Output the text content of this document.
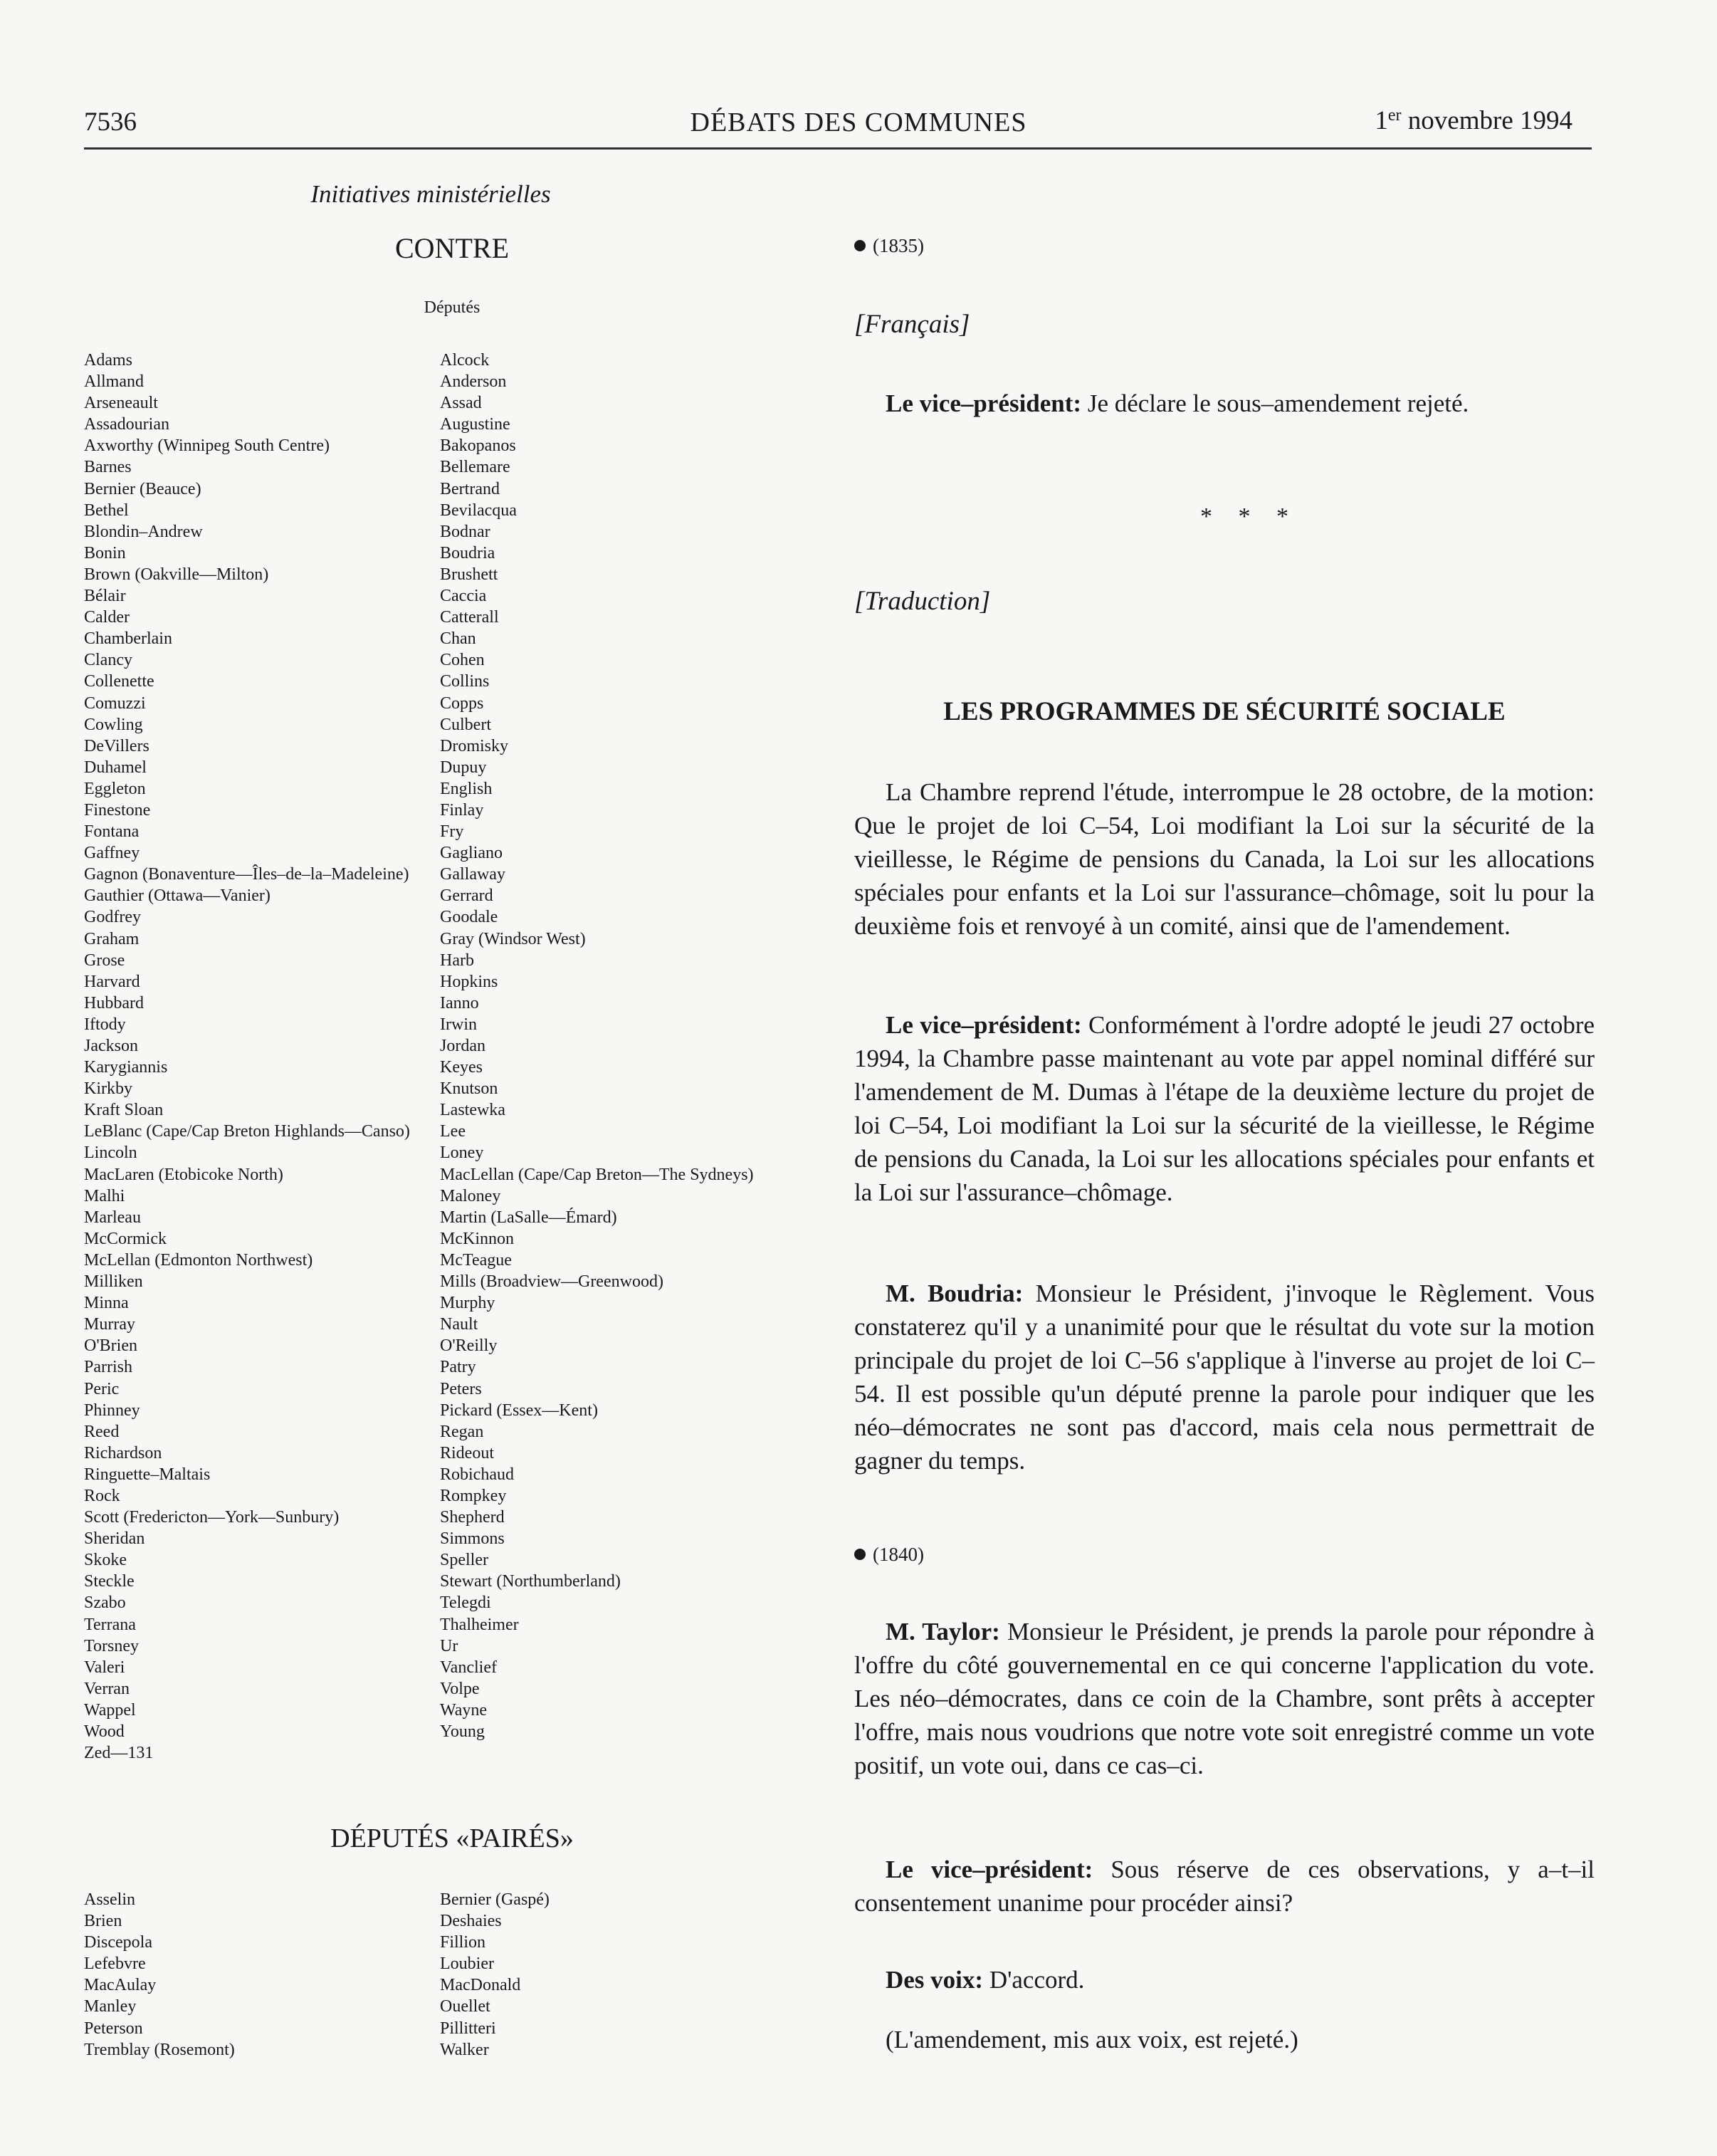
7536	DÉBATS DES COMMUNES	1er novembre 1994
Initiatives ministérielles
CONTRE
Députés
Adams
Allmand
Arseneault
Assadourian
Axworthy (Winnipeg South Centre)
Barnes
Bernier (Beauce)
Bethel
Blondin–Andrew
Bonin
Brown (Oakville—Milton)
Bélair
Calder
Chamberlain
Clancy
Collenette
Comuzzi
Cowling
DeVillers
Duhamel
Eggleton
Finestone
Fontana
Gaffney
Gagnon (Bonaventure—Îles–de–la–Madeleine)
Gauthier (Ottawa—Vanier)
Godfrey
Graham
Grose
Harvard
Hubbard
Iftody
Jackson
Karygiannis
Kirkby
Kraft Sloan
LeBlanc (Cape/Cap Breton Highlands—Canso)
Lincoln
MacLaren (Etobicoke North)
Malhi
Marleau
McCormick
McLellan (Edmonton Northwest)
Milliken
Minna
Murray
O'Brien
Parrish
Peric
Phinney
Reed
Richardson
Ringuette–Maltais
Rock
Scott (Fredericton—York—Sunbury)
Sheridan
Skoke
Steckle
Szabo
Terrana
Torsney
Valeri
Verran
Wappel
Wood
Zed—131
Alcock
Anderson
Assad
Augustine
Bakopanos
Bellemare
Bertrand
Bevilacqua
Bodnar
Boudria
Brushett
Caccia
Catterall
Chan
Cohen
Collins
Copps
Culbert
Dromisky
Dupuy
English
Finlay
Fry
Gagliano
Gallaway
Gerrard
Goodale
Gray (Windsor West)
Harb
Hopkins
Ianno
Irwin
Jordan
Keyes
Knutson
Lastewka
Lee
Loney
MacLellan (Cape/Cap Breton—The Sydneys)
Maloney
Martin (LaSalle—Émard)
McKinnon
McTeague
Mills (Broadview—Greenwood)
Murphy
Nault
O'Reilly
Patry
Peters
Pickard (Essex—Kent)
Regan
Rideout
Robichaud
Rompkey
Shepherd
Simmons
Speller
Stewart (Northumberland)
Telegdi
Thalheimer
Ur
Vanclief
Volpe
Wayne
Young
DÉPUTÉS «PAIRÉS»
Asselin
Brien
Discepola
Lefebvre
MacAulay
Manley
Peterson
Tremblay (Rosemont)
Bernier (Gaspé)
Deshaies
Fillion
Loubier
MacDonald
Ouellet
Pillitteri
Walker
(1835)
[Français]

Le vice–président: Je déclare le sous–amendement rejeté.

* * *
[Traduction]
LES PROGRAMMES DE SÉCURITÉ SOCIALE

La Chambre reprend l'étude, interrompue le 28 octobre, de la motion: Que le projet de loi C–54, Loi modifiant la Loi sur la sécurité de la vieillesse, le Régime de pensions du Canada, la Loi sur les allocations spéciales pour enfants et la Loi sur l'assurance–chômage, soit lu pour la deuxième fois et renvoyé à un comité, ainsi que de l'amendement.

Le vice–président: Conformément à l'ordre adopté le jeudi 27 octobre 1994, la Chambre passe maintenant au vote par appel nominal différé sur l'amendement de M. Dumas à l'étape de la deuxième lecture du projet de loi C–54, Loi modifiant la Loi sur la sécurité de la vieillesse, le Régime de pensions du Canada, la Loi sur les allocations spéciales pour enfants et la Loi sur l'assurance–chômage.

M. Boudria: Monsieur le Président, j'invoque le Règlement. Vous constaterez qu'il y a unanimité pour que le résultat du vote sur la motion principale du projet de loi C–56 s'applique à l'inverse au projet de loi C–54. Il est possible qu'un député prenne la parole pour indiquer que les néo–démocrates ne sont pas d'accord, mais cela nous permettrait de gagner du temps.

(1840)

M. Taylor: Monsieur le Président, je prends la parole pour répondre à l'offre du côté gouvernemental en ce qui concerne l'application du vote. Les néo–démocrates, dans ce coin de la Chambre, sont prêts à accepter l'offre, mais nous voudrions que notre vote soit enregistré comme un vote positif, un vote oui, dans ce cas–ci.

Le vice–président: Sous réserve de ces observations, y a–t–il consentement unanime pour procéder ainsi?

Des voix: D'accord.

(L'amendement, mis aux voix, est rejeté.)
